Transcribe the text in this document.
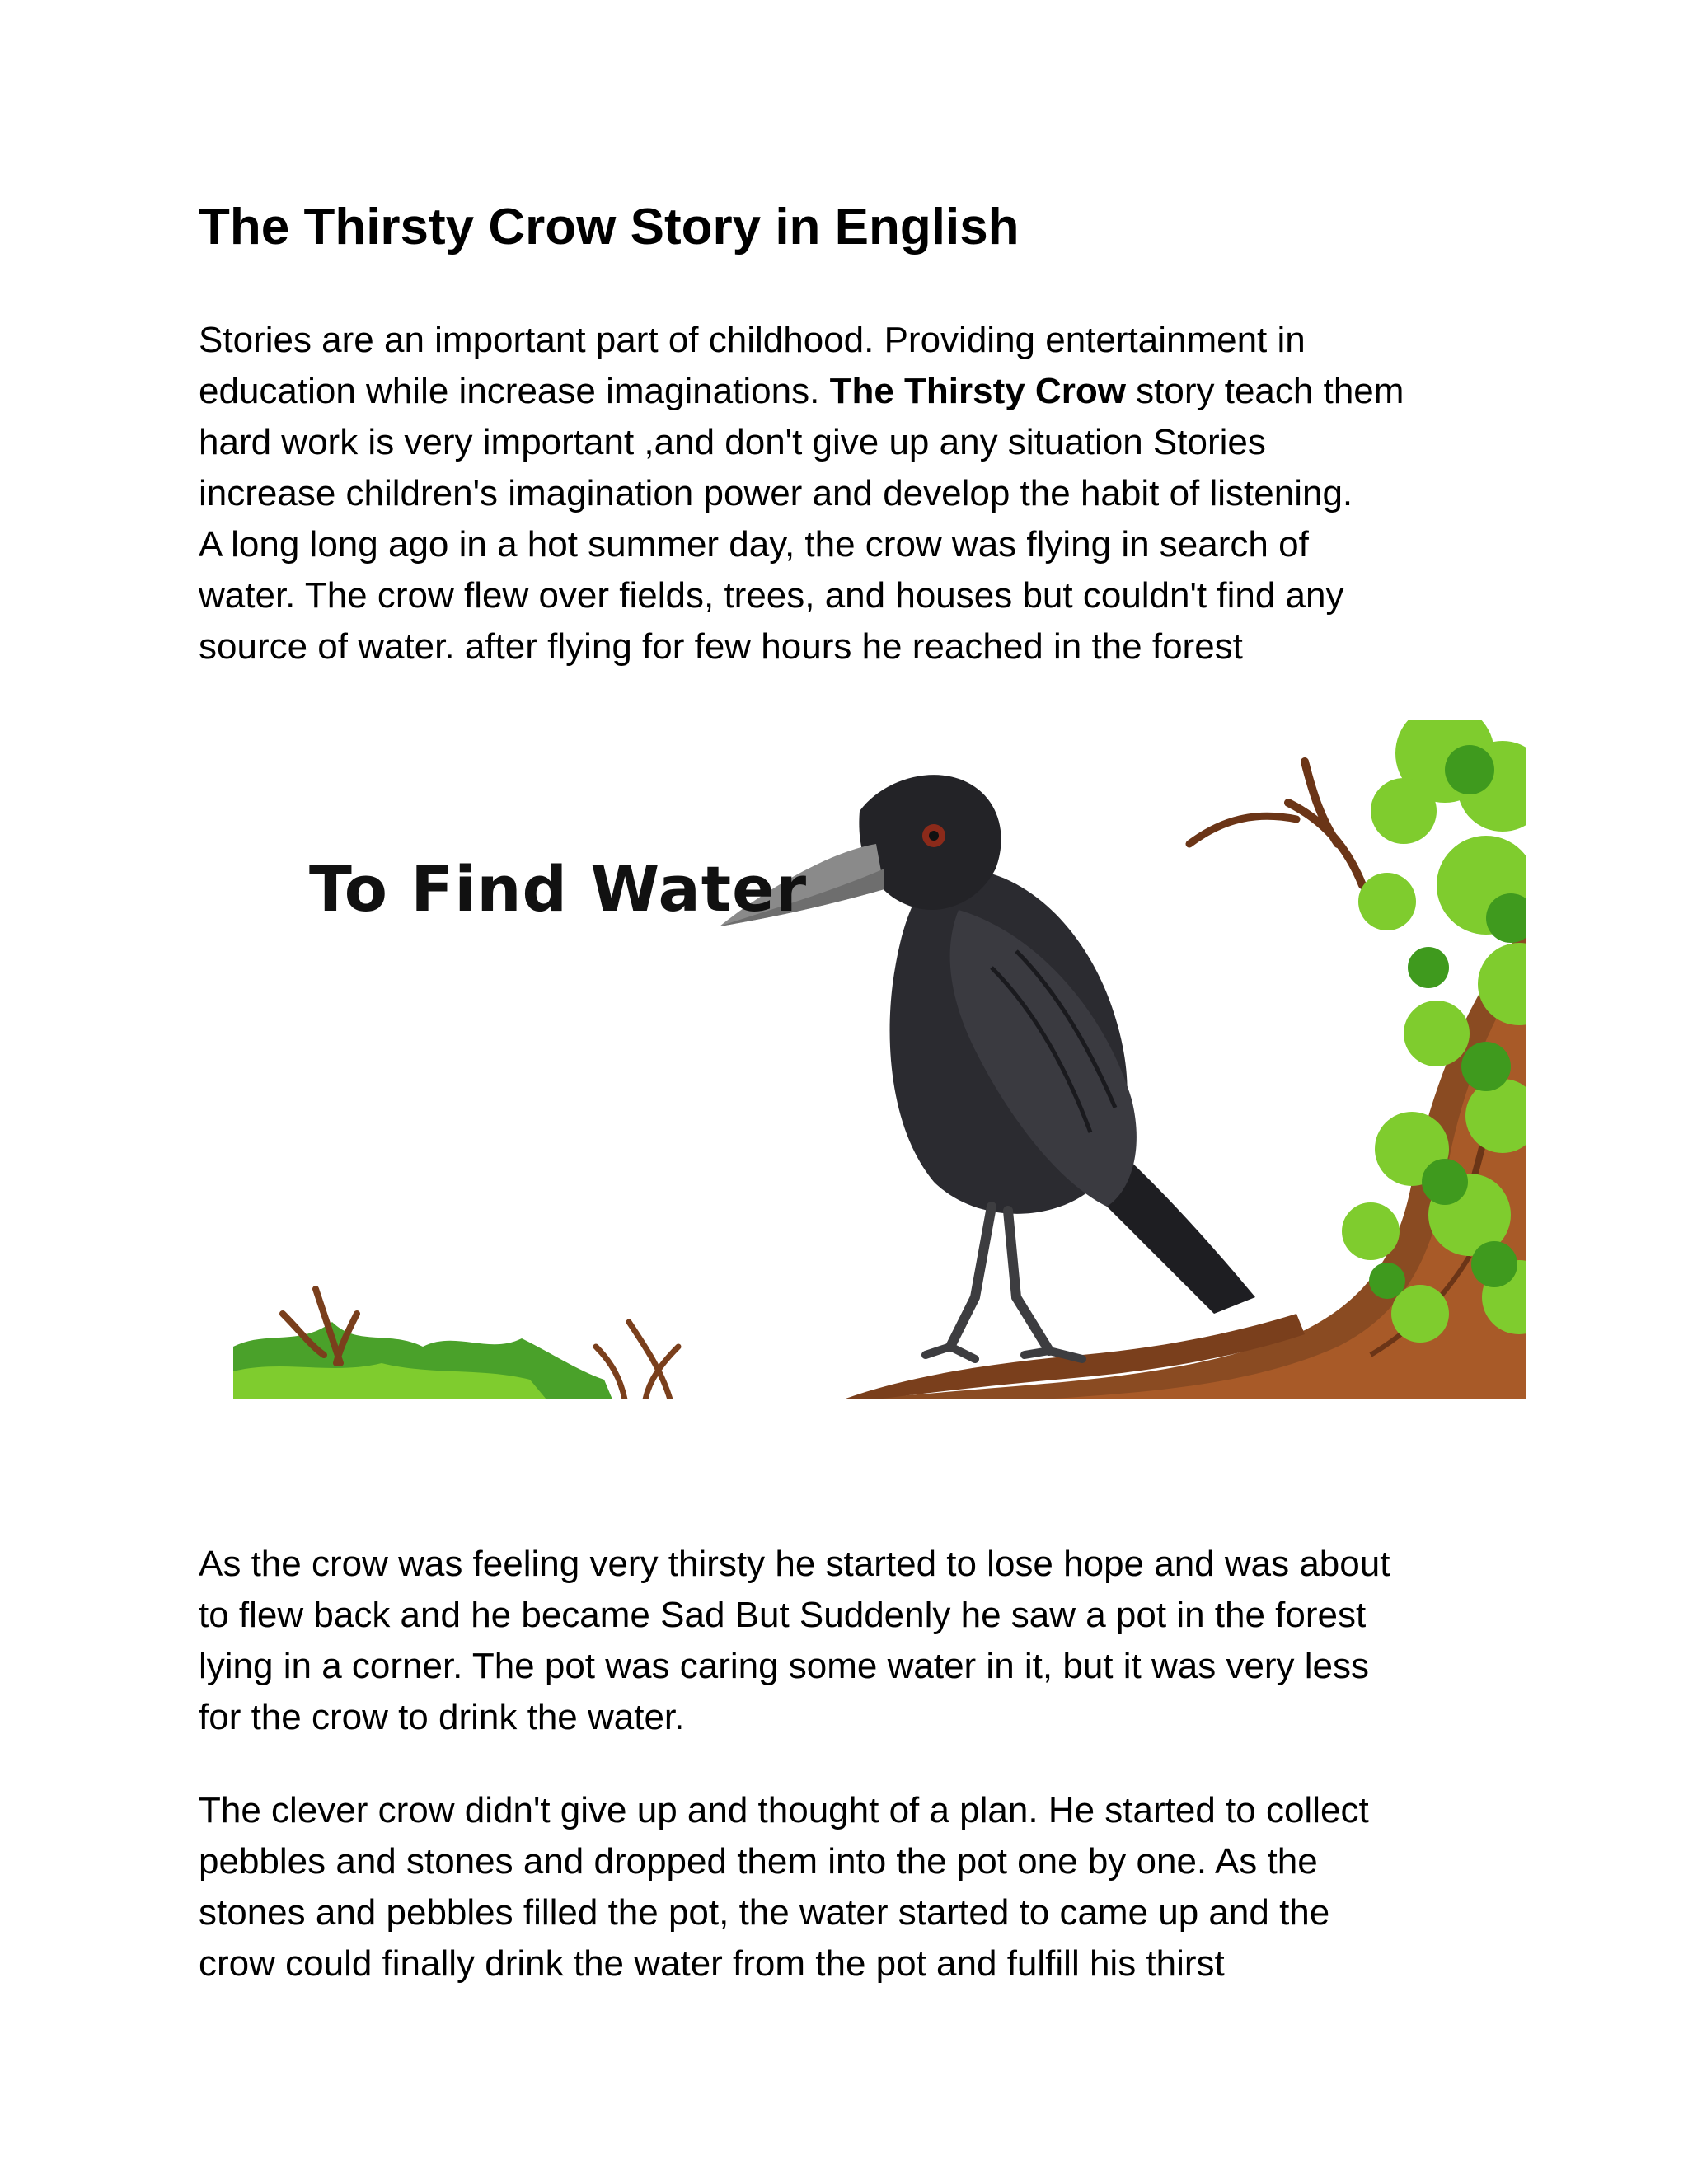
The Thirsty Crow Story in English

Stories are an important part of childhood. Providing entertainment in
education while increase imaginations. The Thirsty Crow story teach them
hard work is very important ,and don't give up any situation Stories
increase children's imagination power and develop the habit of listening.
A long long ago in a hot summer day, the crow was flying in search of
water. The crow flew over fields, trees, and houses but couldn't find any
source of water. after flying for few hours he reached in the forest

To Find Water

As the crow was feeling very thirsty he started to lose hope and was about
to flew back and he became Sad But Suddenly he saw a pot in the forest
lying in a corner. The pot was caring some water in it, but it was very less
for the crow to drink the water.

The clever crow didn't give up and thought of a plan. He started to collect
pebbles and stones and dropped them into the pot one by one. As the
stones and pebbles filled the pot, the water started to came up and the
crow could finally drink the water from the pot and fulfill his thirst
